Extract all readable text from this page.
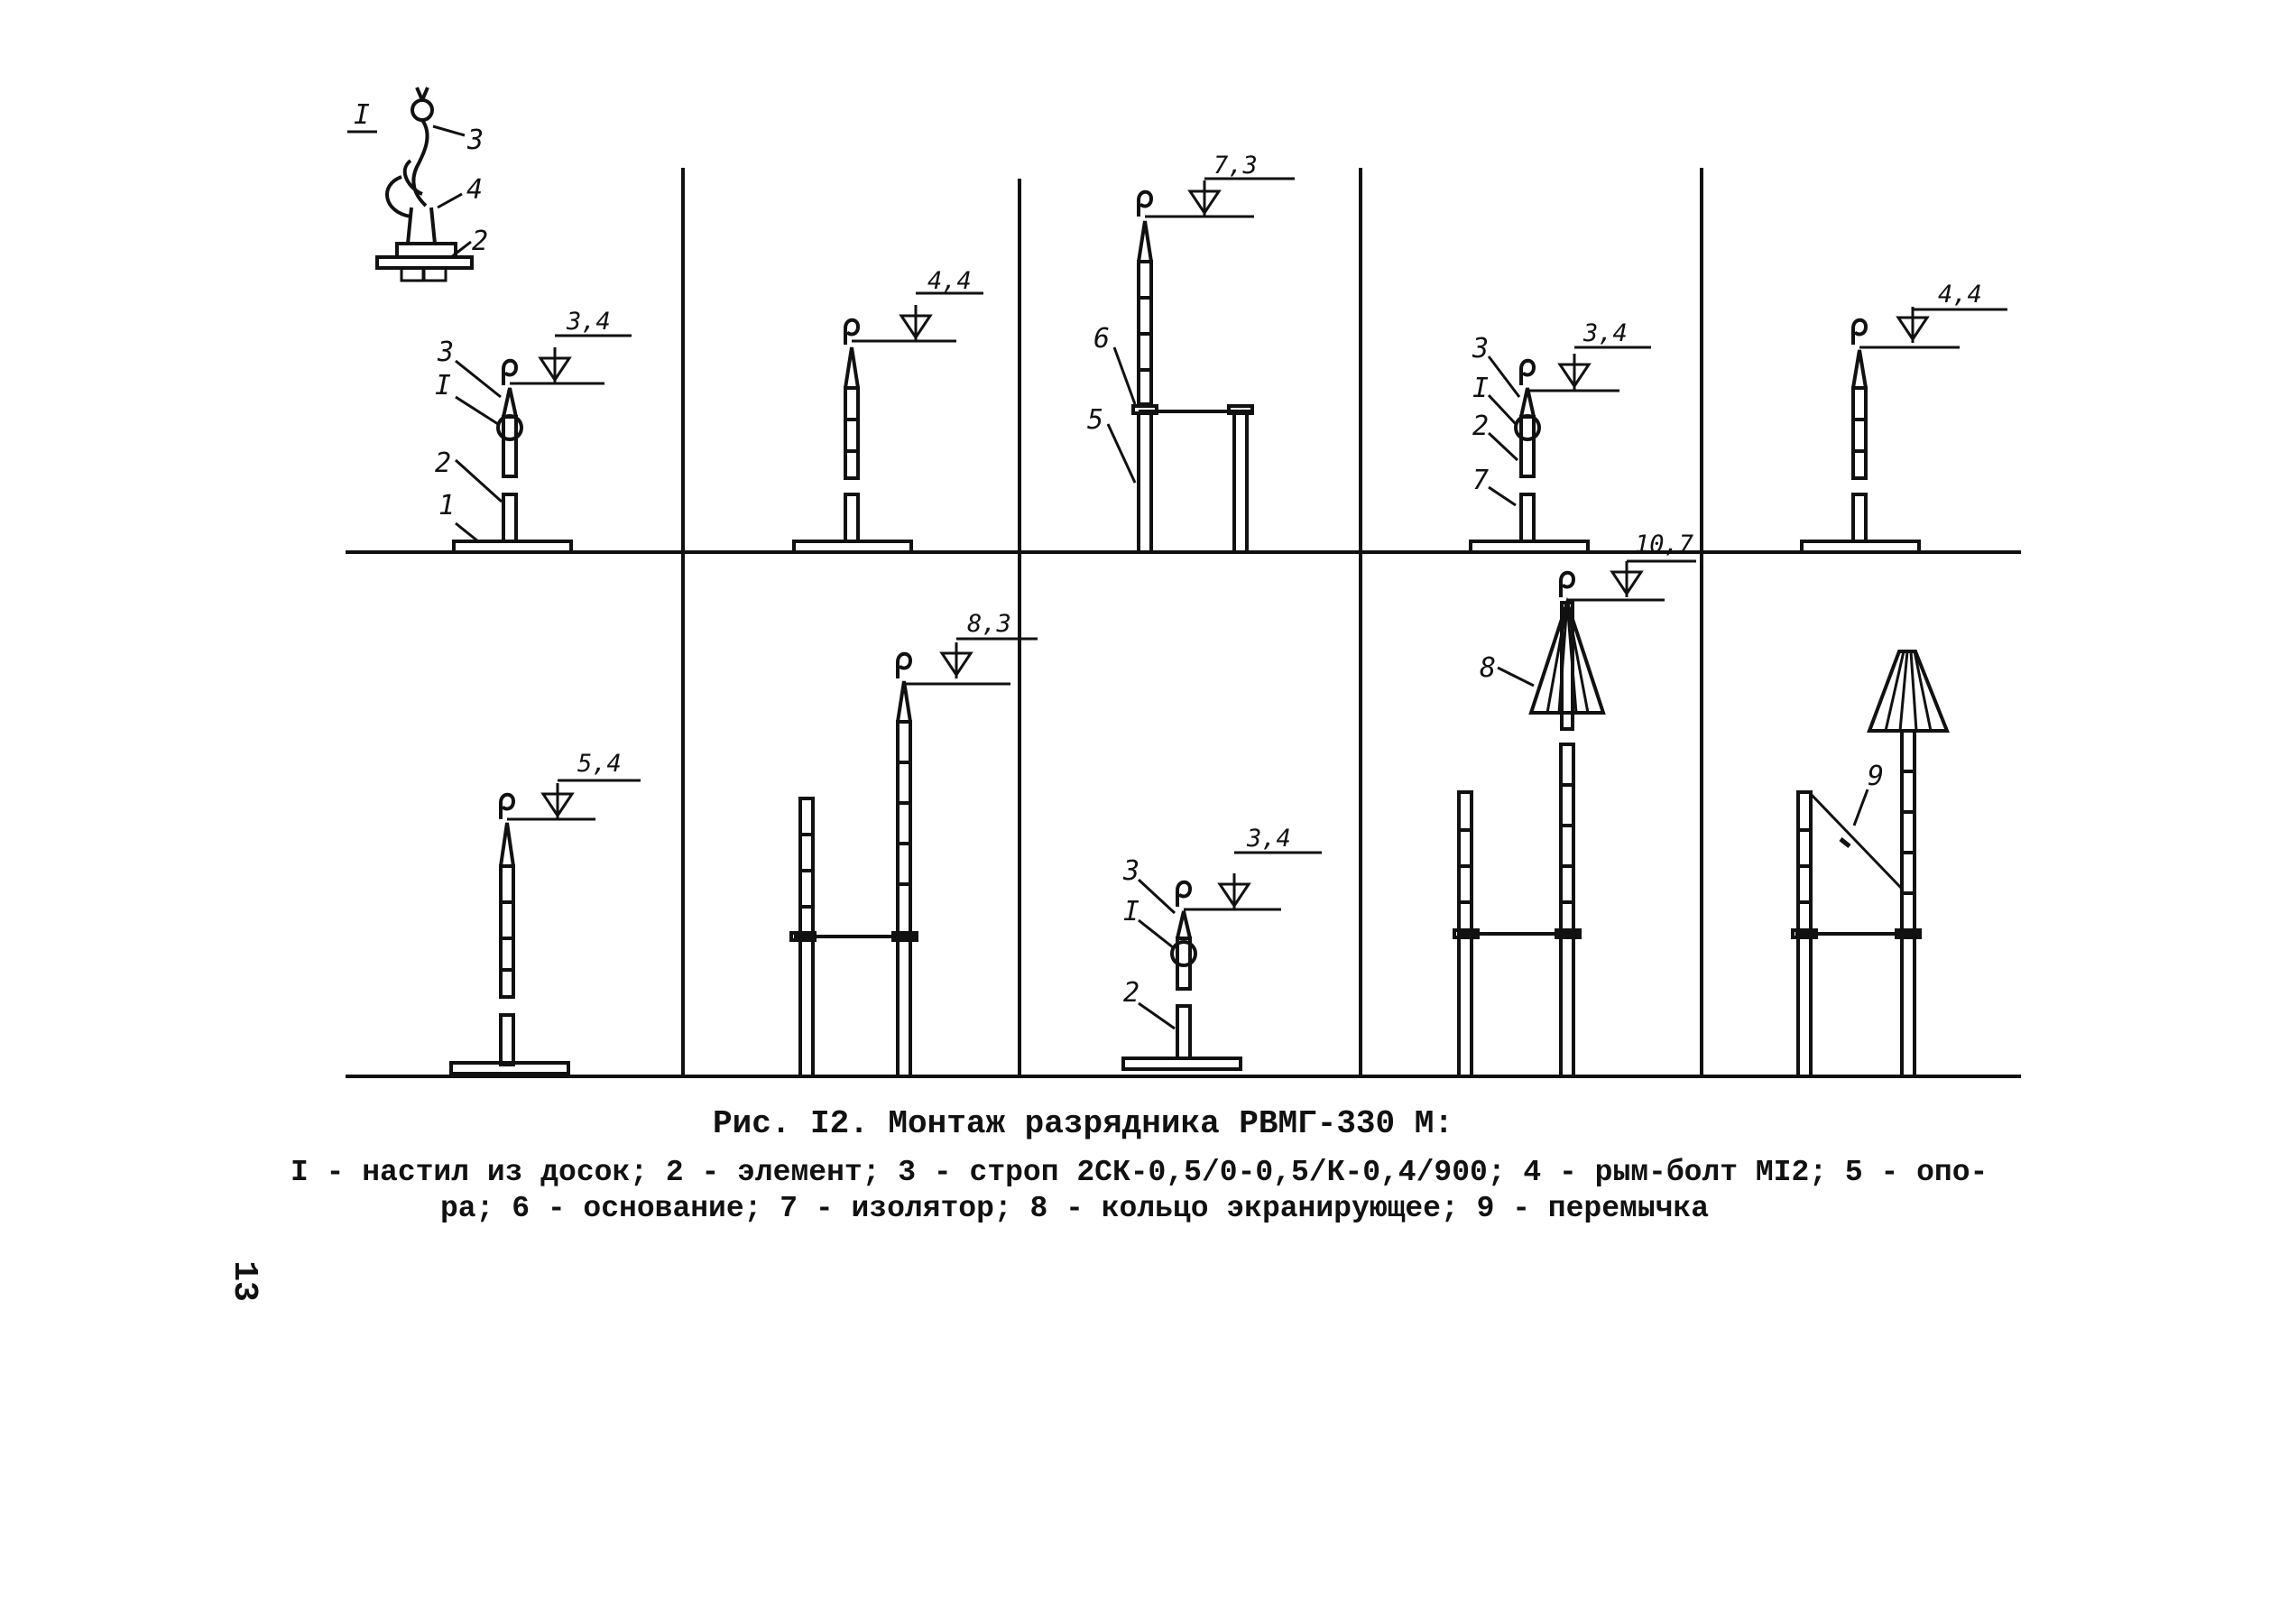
I
3
4
2
3,4
3
I
2
1
4,4
7,3
6
5
3,4
3
I
2
7
4,4
5,4
8,3
3,4
3
I
2
10,7
8
9
Рис. I2. Монтаж разрядника РВМГ-330 М:
I - настил из досок; 2 - элемент; 3 - строп 2СК-0,5/0-0,5/К-0,4/900; 4 - рым-болт МI2; 5 - опо-
ра; 6 - основание; 7 - изолятор; 8 - кольцо экранирующее; 9 - перемычка
13
